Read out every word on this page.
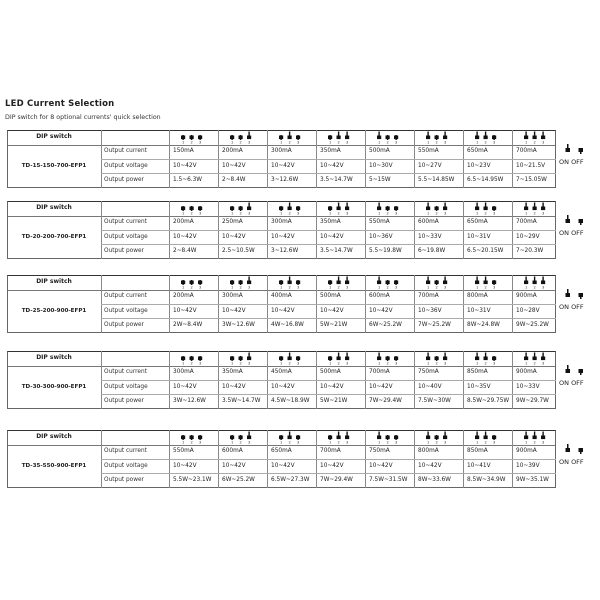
LED Current Selection
DIP switch for 8 optional currents' quick selection
DIP switch
TD-15-150-700-EFP1
1 2 3	1 2 3	1 2 3	1 2 3	1 2 3	1 2 3	1 2 3	1 2 3
Output current	150mA	200mA	300mA	350mA	500mA	550mA	650mA	700mA
Output voltage	10~42V	10~42V	10~42V	10~42V	10~30V	10~27V	10~23V	10~21.5V
Output power	1.5~6.3W	2~8.4W	3~12.6W	3.5~14.7W	5~15W	5.5~14.85W	6.5~14.95W	7~15.05W
ON OFF
DIP switch
TD-20-200-700-EFP1
1 2 3	1 2 3	1 2 3	1 2 3	1 2 3	1 2 3	1 2 3	1 2 3
Output current	200mA	250mA	300mA	350mA	550mA	600mA	650mA	700mA
Output voltage	10~42V	10~42V	10~42V	10~42V	10~36V	10~33V	10~31V	10~29V
Output power	2~8.4W	2.5~10.5W	3~12.6W	3.5~14.7W	5.5~19.8W	6~19.8W	6.5~20.15W	7~20.3W
ON OFF
DIP switch
TD-25-200-900-EFP1
1 2 3	1 2 3	1 2 3	1 2 3	1 2 3	1 2 3	1 2 3	1 2 3
Output current	200mA	300mA	400mA	500mA	600mA	700mA	800mA	900mA
Output voltage	10~42V	10~42V	10~42V	10~42V	10~42V	10~36V	10~31V	10~28V
Output power	2W~8.4W	3W~12.6W	4W~16.8W	5W~21W	6W~25.2W	7W~25.2W	8W~24.8W	9W~25.2W
ON OFF
DIP switch
TD-30-300-900-EFP1
1 2 3	1 2 3	1 2 3	1 2 3	1 2 3	1 2 3	1 2 3	1 2 3
Output current	300mA	350mA	450mA	500mA	700mA	750mA	850mA	900mA
Output voltage	10~42V	10~42V	10~42V	10~42V	10~42V	10~40V	10~35V	10~33V
Output power	3W~12.6W	3.5W~14.7W	4.5W~18.9W	5W~21W	7W~29.4W	7.5W~30W	8.5W~29.75W	9W~29.7W
ON OFF
DIP switch
TD-35-550-900-EFP1
1 2 3	1 2 3	1 2 3	1 2 3	1 2 3	1 2 3	1 2 3	1 2 3
Output current	550mA	600mA	650mA	700mA	750mA	800mA	850mA	900mA
Output voltage	10~42V	10~42V	10~42V	10~42V	10~42V	10~42V	10~41V	10~39V
Output power	5.5W~23.1W	6W~25.2W	6.5W~27.3W	7W~29.4W	7.5W~31.5W	8W~33.6W	8.5W~34.9W	9W~35.1W
ON OFF
